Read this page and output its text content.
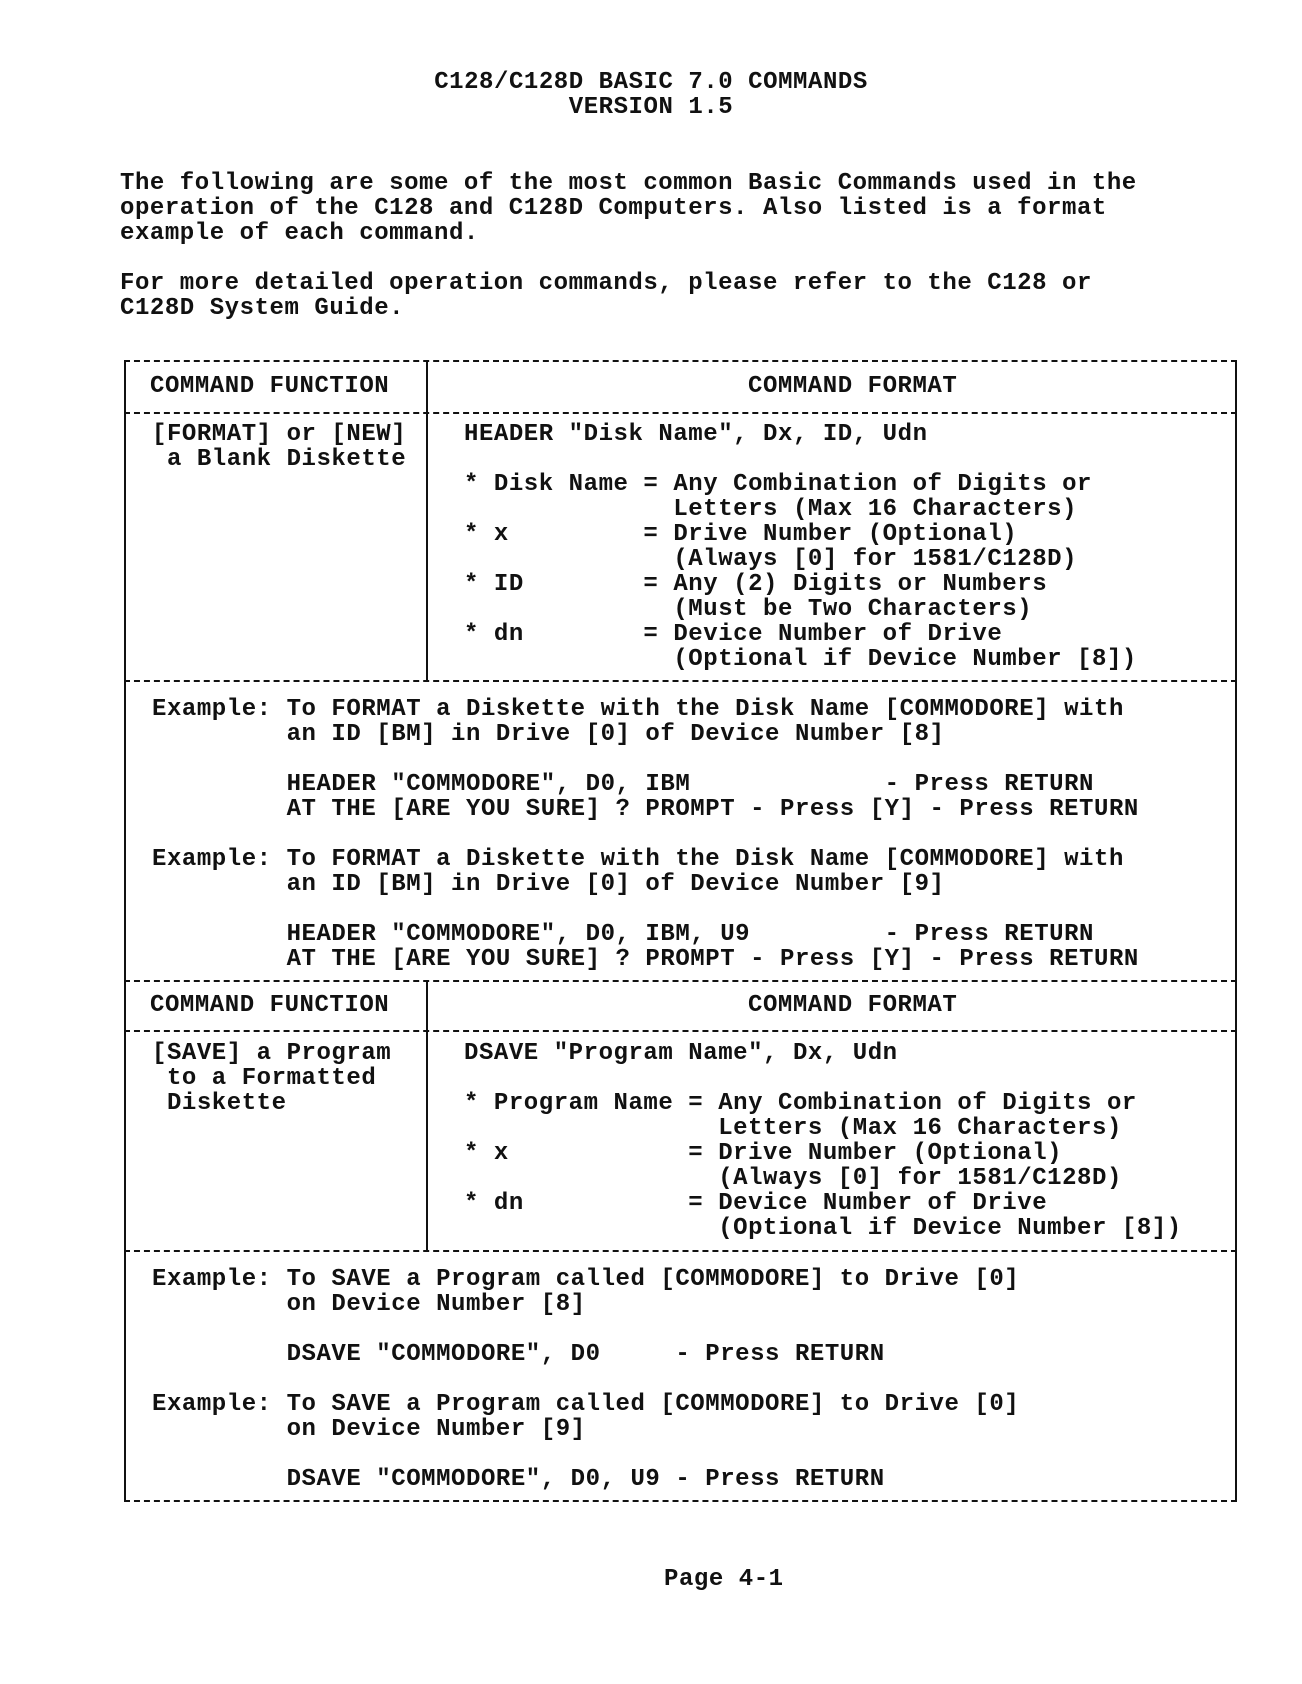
C128/C128D BASIC 7.0 COMMANDS
VERSION 1.5
The following are some of the most common Basic Commands used in the
operation of the C128 and C128D Computers. Also listed is a format
example of each command.
For more detailed operation commands, please refer to the C128 or
C128D System Guide.
COMMAND FUNCTION	COMMAND FORMAT
[FORMAT] or [NEW]
a Blank Diskette
HEADER "Disk Name", Dx, ID, Udn
* Disk Name = Any Combination of Digits or
Letters (Max 16 Characters)
* x         = Drive Number (Optional)
(Always [0] for 1581/C128D)
* ID        = Any (2) Digits or Numbers
(Must be Two Characters)
* dn        = Device Number of Drive
(Optional if Device Number [8])
Example: To FORMAT a Diskette with the Disk Name [COMMODORE] with
an ID [BM] in Drive [0] of Device Number [8]
HEADER "COMMODORE", D0, IBM             - Press RETURN
AT THE [ARE YOU SURE] ? PROMPT - Press [Y] - Press RETURN
Example: To FORMAT a Diskette with the Disk Name [COMMODORE] with
an ID [BM] in Drive [0] of Device Number [9]
HEADER "COMMODORE", D0, IBM, U9         - Press RETURN
AT THE [ARE YOU SURE] ? PROMPT - Press [Y] - Press RETURN
COMMAND FUNCTION	COMMAND FORMAT
[SAVE] a Program
to a Formatted
Diskette
DSAVE "Program Name", Dx, Udn
* Program Name = Any Combination of Digits or
Letters (Max 16 Characters)
* x            = Drive Number (Optional)
(Always [0] for 1581/C128D)
* dn           = Device Number of Drive
(Optional if Device Number [8])
Example: To SAVE a Program called [COMMODORE] to Drive [0]
on Device Number [8]
DSAVE "COMMODORE", D0     - Press RETURN
Example: To SAVE a Program called [COMMODORE] to Drive [0]
on Device Number [9]
DSAVE "COMMODORE", D0, U9 - Press RETURN
Page 4-1
